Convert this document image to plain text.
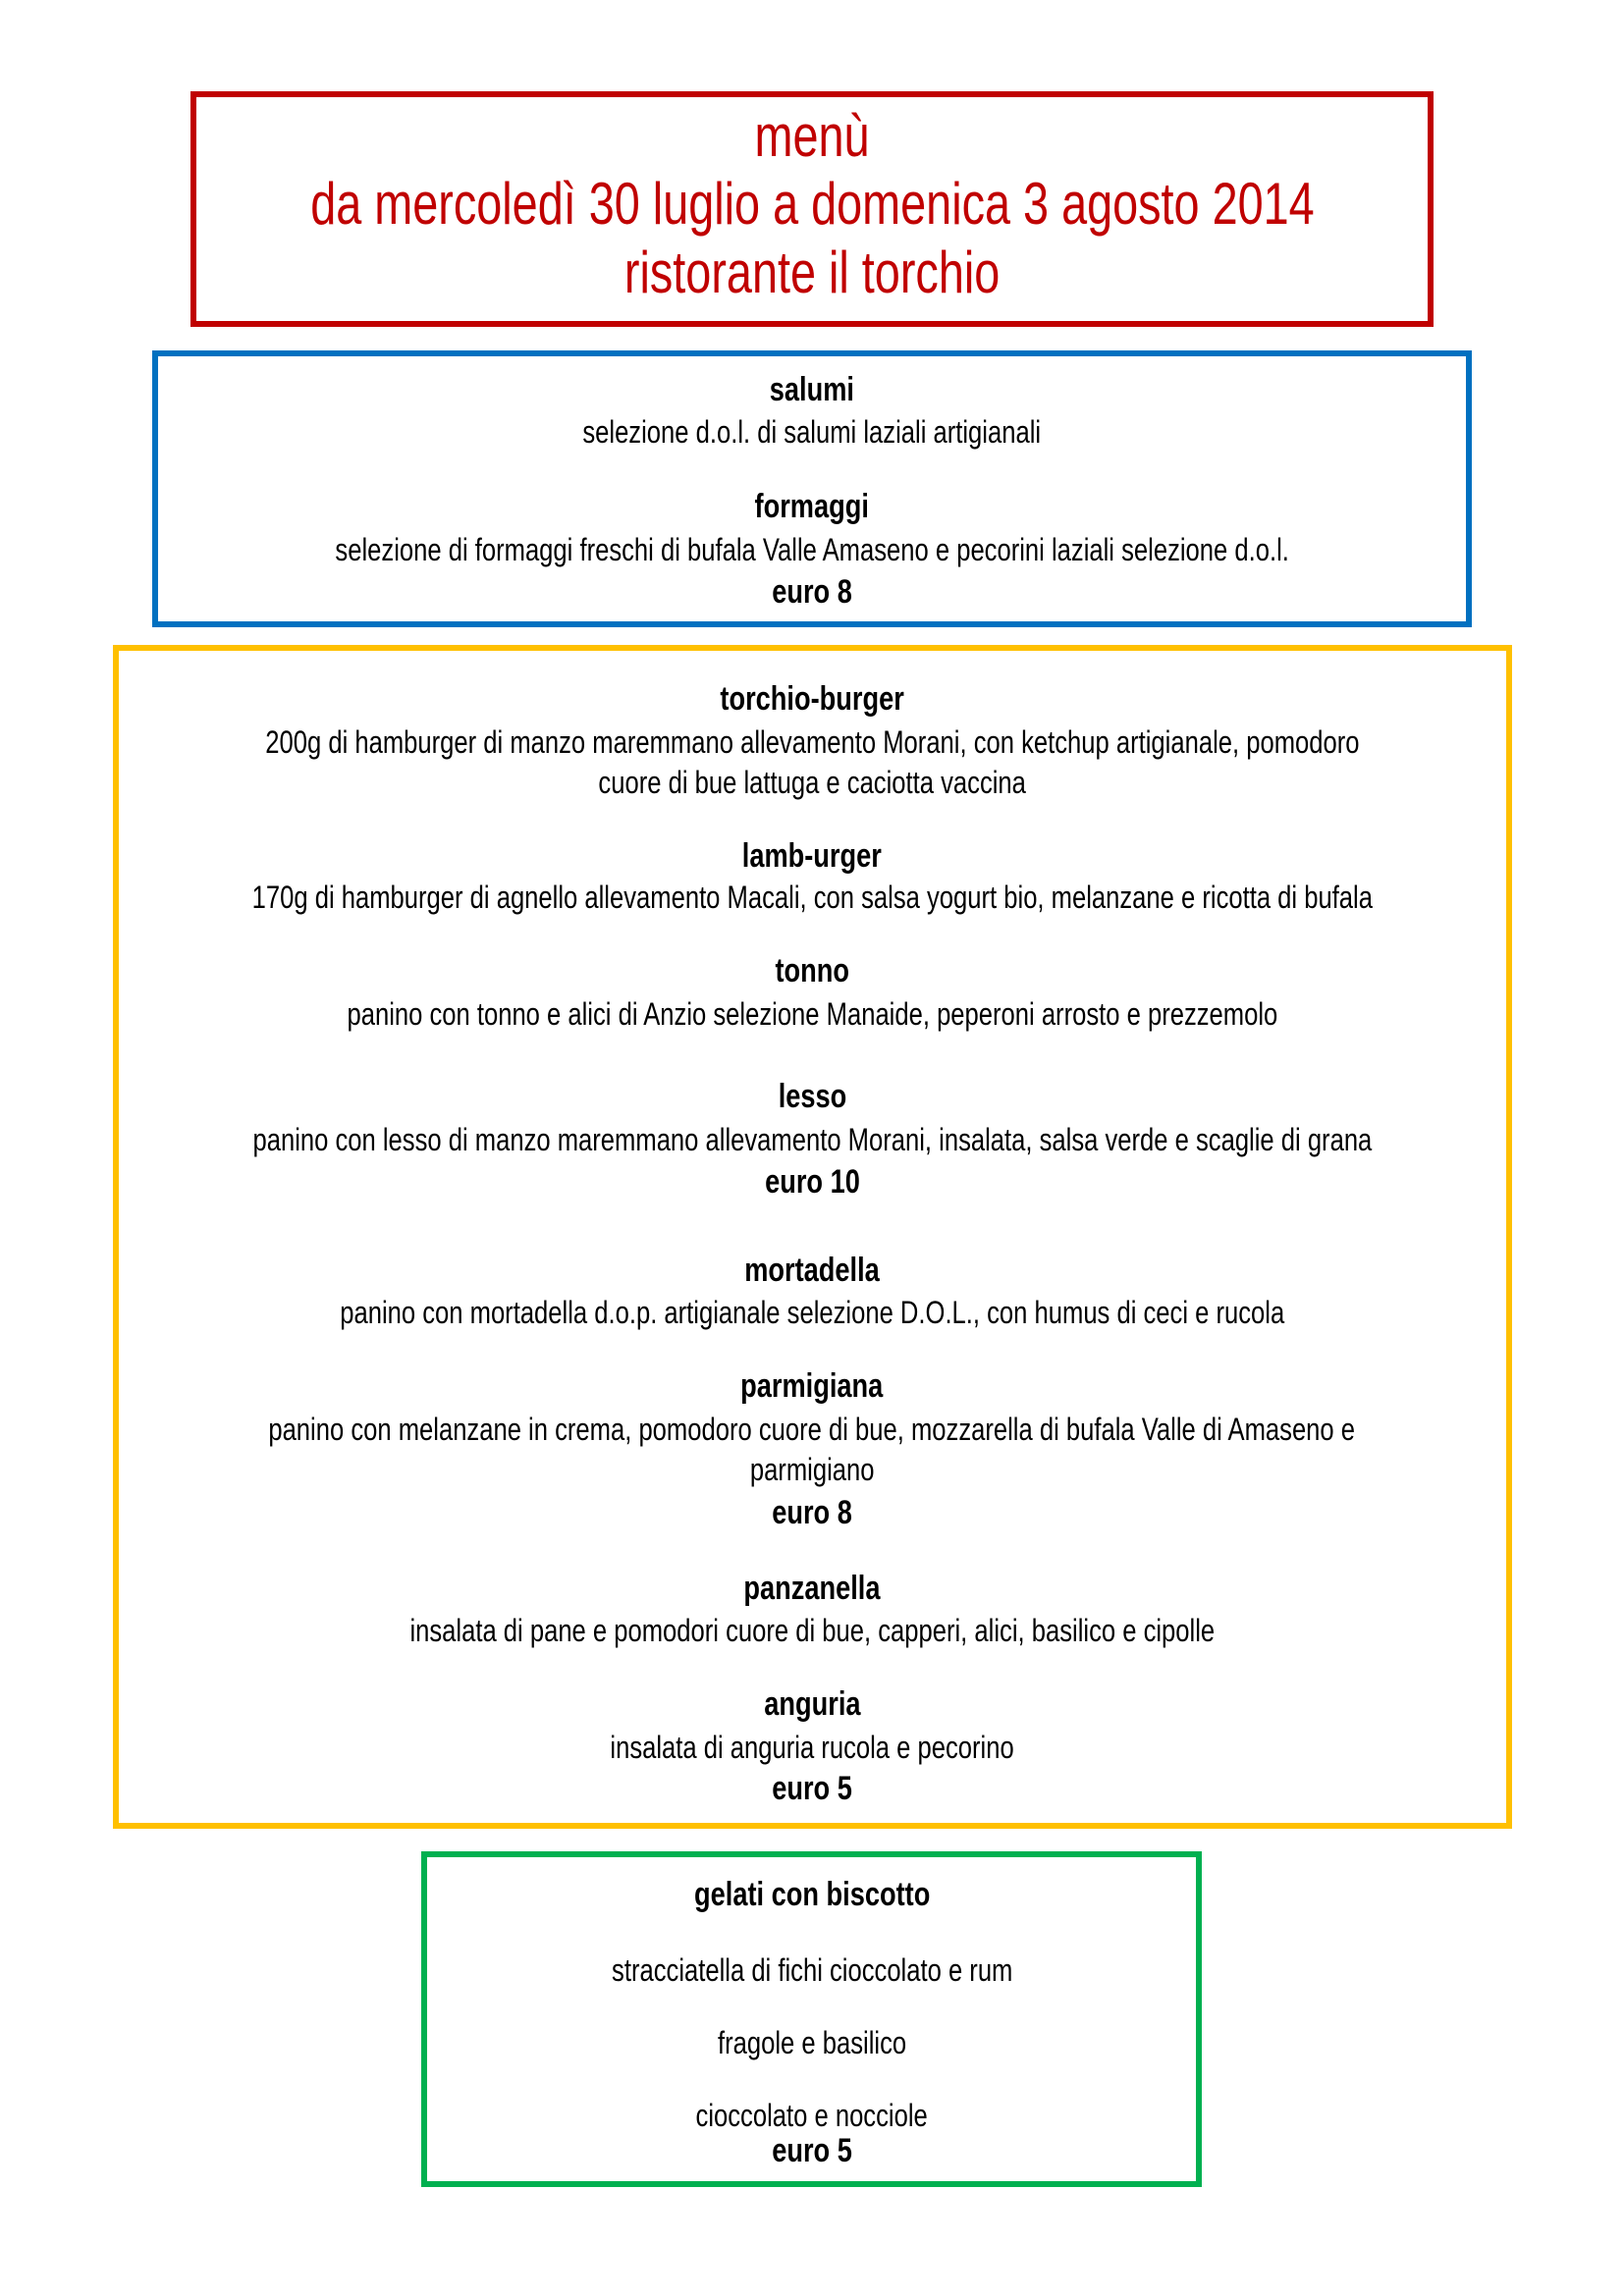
menù
da mercoledì 30 luglio a domenica 3 agosto 2014
ristorante il torchio
salumi
selezione d.o.l. di salumi laziali artigianali
formaggi
selezione di formaggi freschi di bufala Valle Amaseno e pecorini laziali selezione d.o.l.
euro 8
torchio-burger
200g di hamburger di manzo maremmano allevamento Morani, con ketchup artigianale, pomodoro
cuore di bue lattuga e caciotta vaccina
lamb-urger
170g di hamburger di agnello allevamento Macali, con salsa yogurt bio, melanzane e ricotta di bufala
tonno
panino con tonno e alici di Anzio selezione Manaide, peperoni arrosto e prezzemolo
lesso
panino con lesso di manzo maremmano allevamento Morani, insalata, salsa verde e scaglie di grana
euro 10
mortadella
panino con mortadella d.o.p. artigianale selezione D.O.L., con humus di ceci e rucola
parmigiana
panino con melanzane in crema, pomodoro cuore di bue, mozzarella di bufala Valle di Amaseno e
parmigiano
euro 8
panzanella
insalata di pane e pomodori cuore di bue, capperi, alici, basilico e cipolle
anguria
insalata di anguria rucola e pecorino
euro 5
gelati con biscotto
stracciatella di fichi cioccolato e rum
fragole e basilico
cioccolato e nocciole
euro 5
